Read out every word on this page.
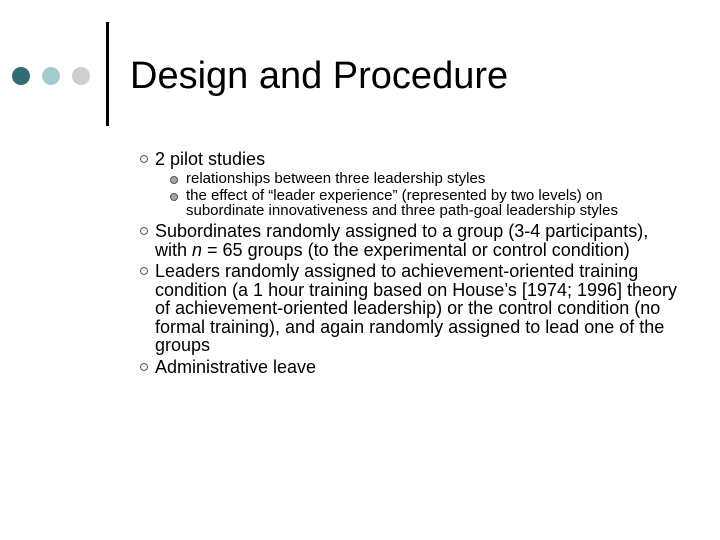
Design and Procedure
2 pilot studies
relationships between three leadership styles
the effect of “leader experience” (represented by two levels) on subordinate innovativeness and three path-goal leadership styles
Subordinates randomly assigned to a group (3-4 participants), with n = 65 groups (to the experimental or control condition)
Leaders randomly assigned to achievement-oriented training condition (a 1 hour training based on House’s [1974; 1996] theory of achievement-oriented leadership) or the control condition (no formal training), and again randomly assigned to lead one of the groups
Administrative leave
